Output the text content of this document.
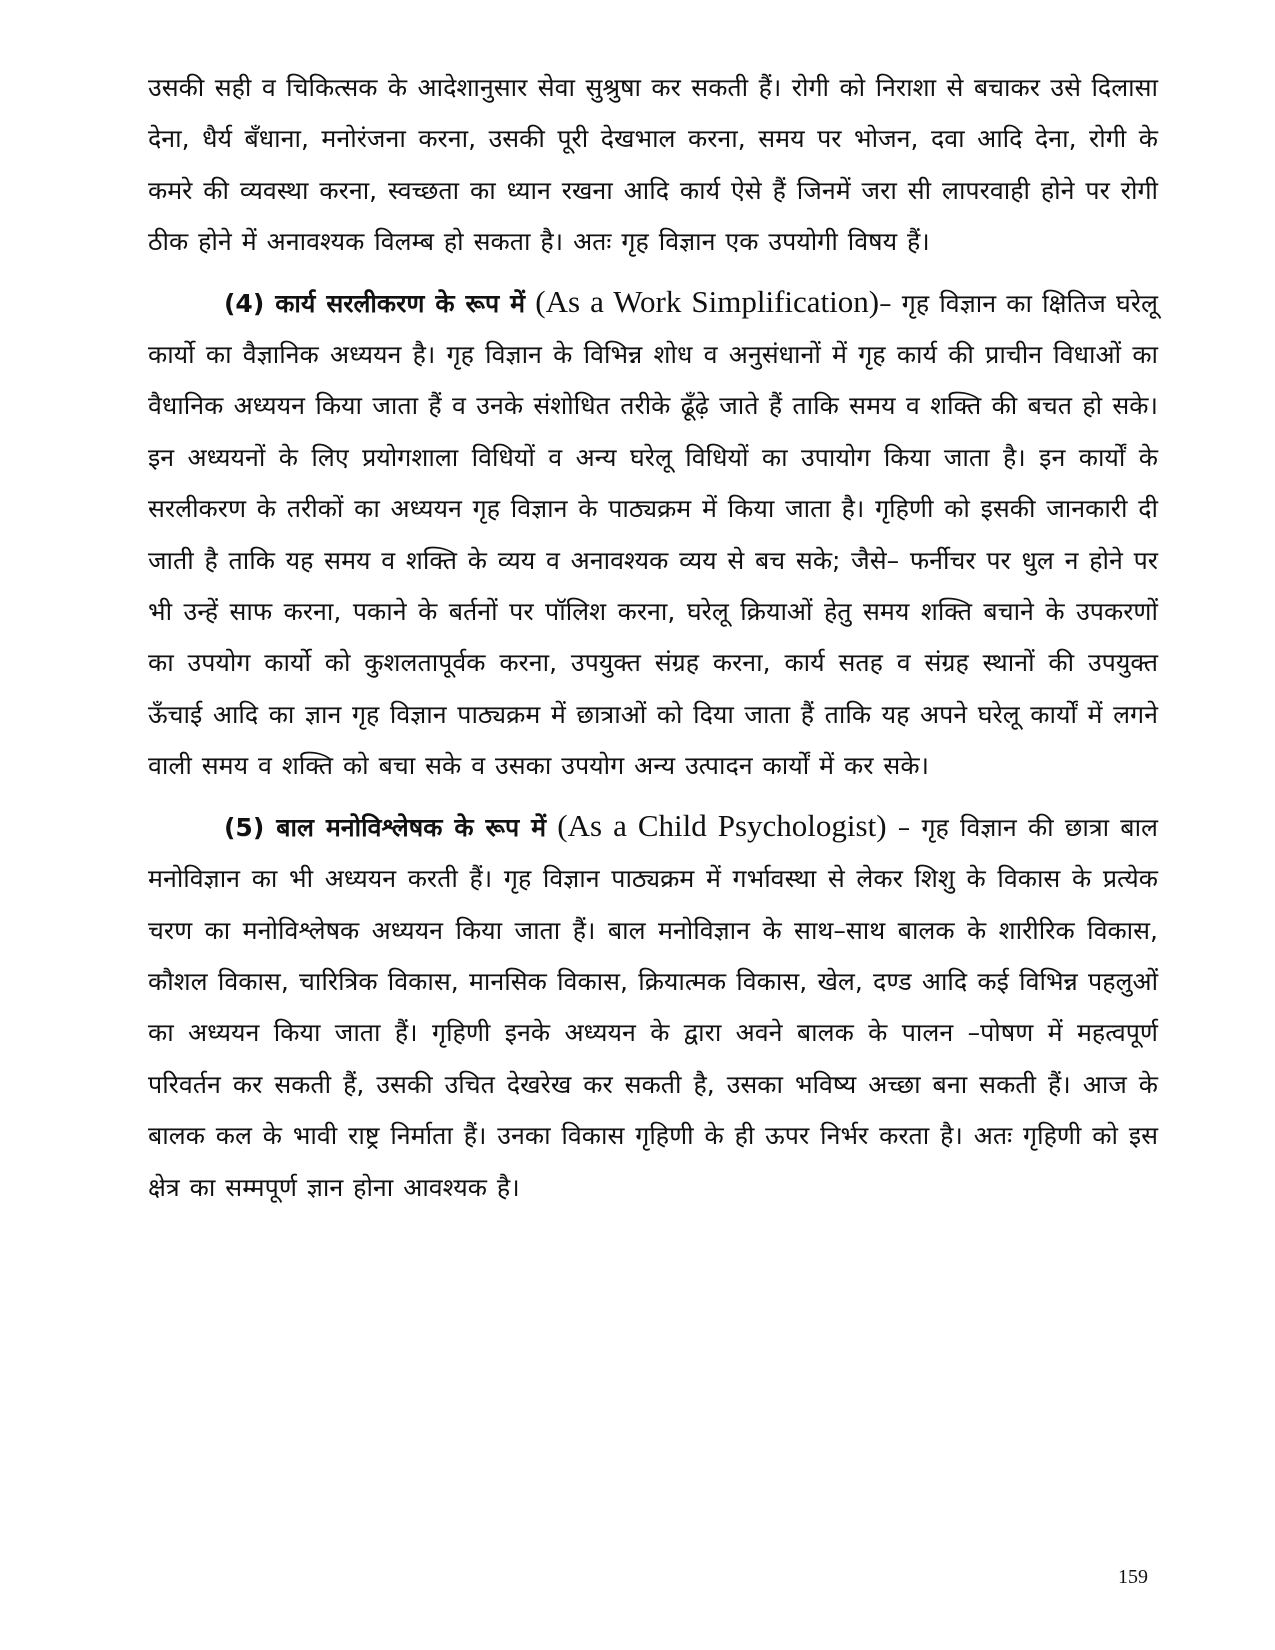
उसकी सही व चिकित्सक के आदेशानुसार सेवा सुश्रुषा कर सकती हैं। रोगी को निराशा से बचाकर उसे दिलासा देना, धैर्य बँधाना, मनोरंजना करना, उसकी पूरी देखभाल करना, समय पर भोजन, दवा आदि देना, रोगी के कमरे की व्यवस्था करना, स्वच्छता का ध्यान रखना आदि कार्य ऐसे हैं जिनमें जरा सी लापरवाही होने पर रोगी ठीक होने में अनावश्यक विलम्ब हो सकता है। अतः गृह विज्ञान एक उपयोगी विषय हैं।

(4) कार्य सरलीकरण के रूप में (As a Work Simplification)– गृह विज्ञान का क्षितिज घरेलू कार्यो का वैज्ञानिक अध्ययन है। गृह विज्ञान के विभिन्न शोध व अनुसंधानों में गृह कार्य की प्राचीन विधाओं का वैधानिक अध्ययन किया जाता हैं व उनके संशोधित तरीके ढूँढ़े जाते हैं ताकि समय व शक्ति की बचत हो सके। इन अध्ययनों के लिए प्रयोगशाला विधियों व अन्य घरेलू विधियों का उपायोग किया जाता है। इन कार्यों के सरलीकरण के तरीकों का अध्ययन गृह विज्ञान के पाठ्यक्रम में किया जाता है। गृहिणी को इसकी जानकारी दी जाती है ताकि यह समय व शक्ति के व्यय व अनावश्यक व्यय से बच सके; जैसे– फर्नीचर पर धुल न होने पर भी उन्हें साफ करना, पकाने के बर्तनों पर पॉलिश करना, घरेलू क्रियाओं हेतु समय शक्ति बचाने के उपकरणों का उपयोग कार्यो को कुशलतापूर्वक करना, उपयुक्त संग्रह करना, कार्य सतह व संग्रह स्थानों की उपयुक्त ऊँचाई आदि का ज्ञान गृह विज्ञान पाठ्यक्रम में छात्राओं को दिया जाता हैं ताकि यह अपने घरेलू कार्यों में लगने वाली समय व शक्ति को बचा सके व उसका उपयोग अन्य उत्पादन कार्यों में कर सके।

(5) बाल मनोविश्लेषक के रूप में (As a Child Psychologist) – गृह विज्ञान की छात्रा बाल मनोविज्ञान का भी अध्ययन करती हैं। गृह विज्ञान पाठ्यक्रम में गर्भावस्था से लेकर शिशु के विकास के प्रत्येक चरण का मनोविश्लेषक अध्ययन किया जाता हैं। बाल मनोविज्ञान के साथ–साथ बालक के शारीरिक विकास, कौशल विकास, चारित्रिक विकास, मानसिक विकास, क्रियात्मक विकास, खेल, दण्ड आदि कई विभिन्न पहलुओं का अध्ययन किया जाता हैं। गृहिणी इनके अध्ययन के द्वारा अवने बालक के पालन –पोषण में महत्वपूर्ण परिवर्तन कर सकती हैं, उसकी उचित देखरेख कर सकती है, उसका भविष्य अच्छा बना सकती हैं। आज के बालक कल के भावी राष्ट्र निर्माता हैं। उनका विकास गृहिणी के ही ऊपर निर्भर करता है। अतः गृहिणी को इस क्षेत्र का सम्मपूर्ण ज्ञान होना आवश्यक है।

159
